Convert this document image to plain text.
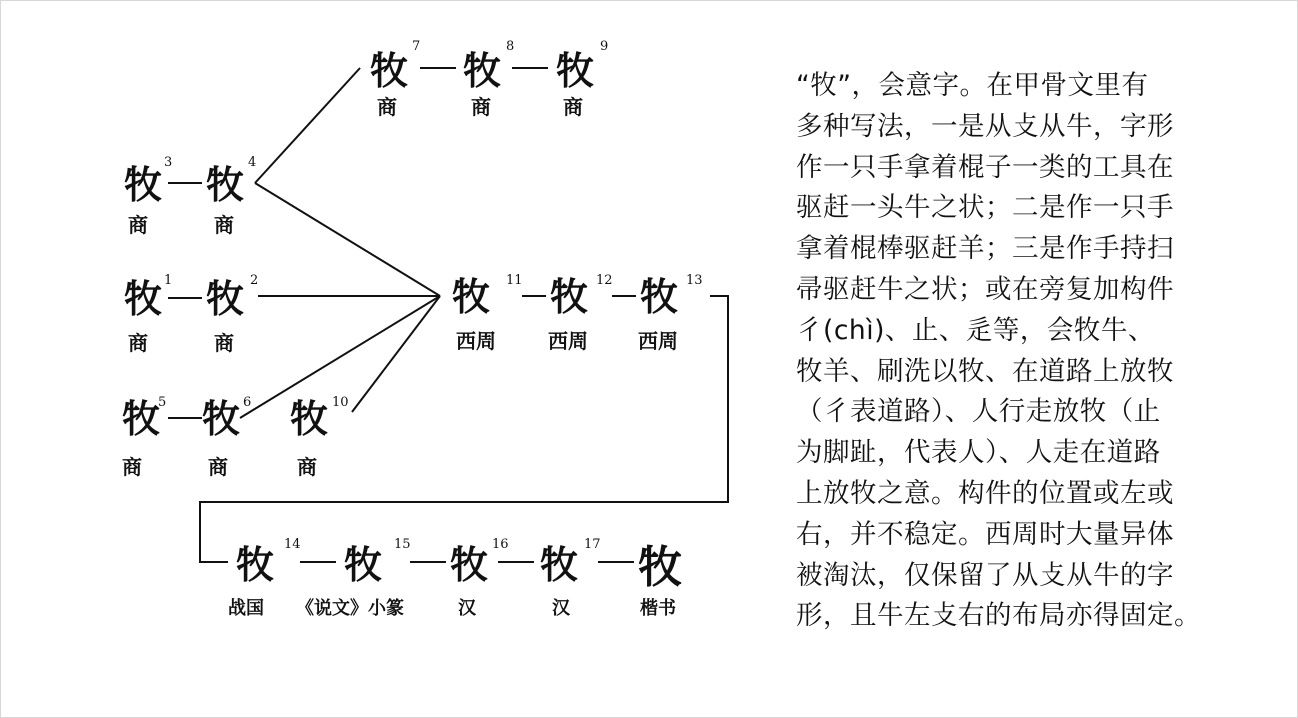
牧
7
商
牧
8
商
牧
9
商
牧 3
商
牧 4
商
牧 1
商
牧 2
商
牧
5
商
牧 6
商
牧 10
商
牧 11
西周
牧 12
西周
牧 13
西周
牧 14
战国
牧 15
《说文》小篆
牧 16
汉
牧 17
汉
牧
楷书
“牧”，会意字。在甲骨文里有
多种写法，一是从攴从牛，字形
作一只手拿着棍子一类的工具在
驱赶一头牛之状；二是作一只手
拿着棍棒驱赶羊；三是作手持扫
帚驱赶牛之状；或在旁复加构件
彳(chì)、止、辵等，会牧牛、
牧羊、刷洗以牧、在道路上放牧
（彳表道路）、人行走放牧（止
为脚趾，代表人）、人走在道路
上放牧之意。构件的位置或左或
右，并不稳定。西周时大量异体
被淘汰，仅保留了从攴从牛的字
形，且牛左攴右的布局亦得固定。
